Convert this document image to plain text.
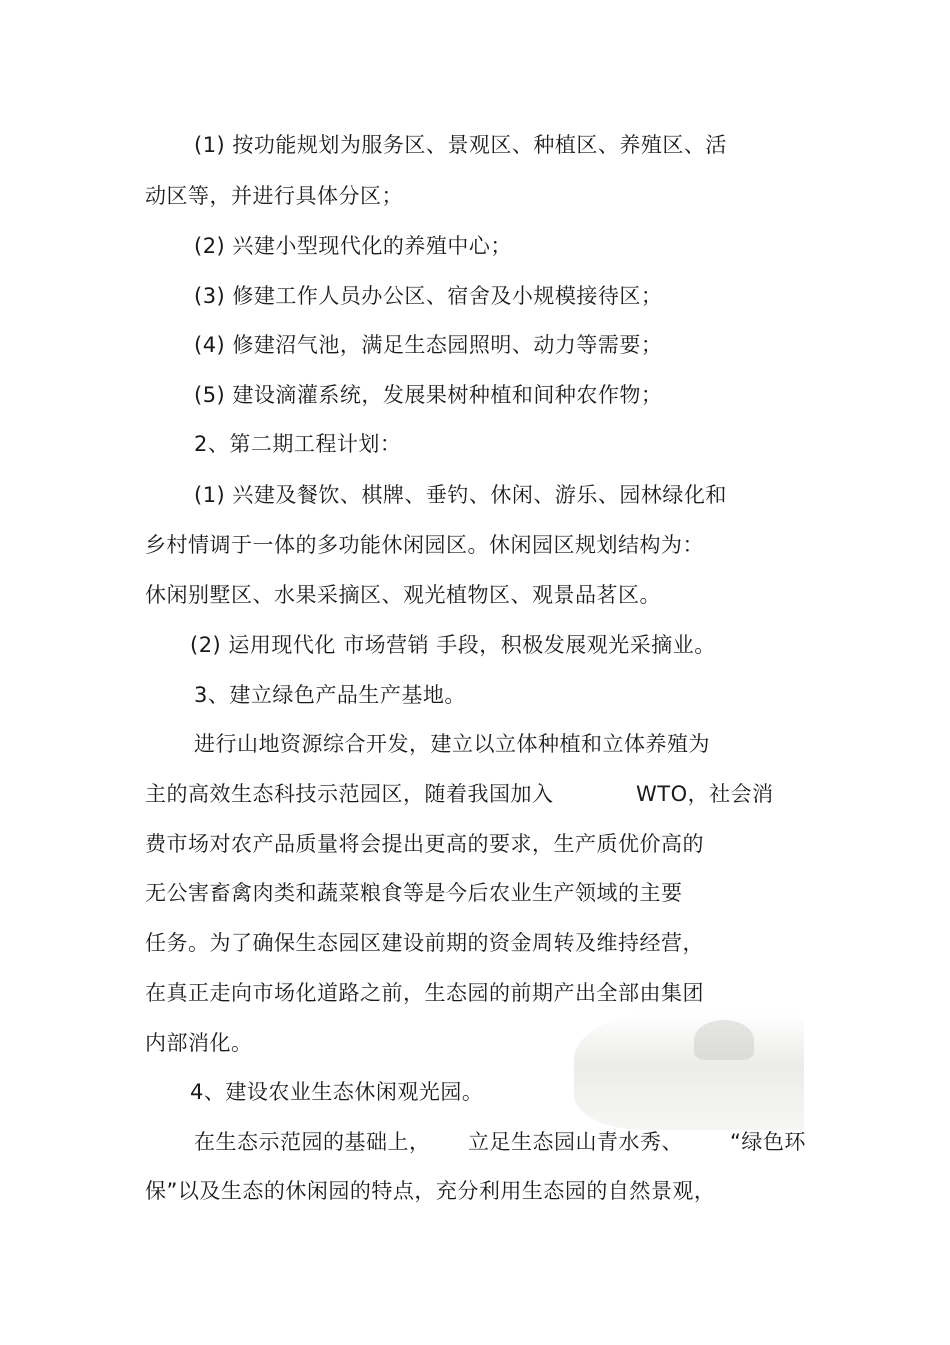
(1) 按功能规划为服务区、景观区、种植区、养殖区、活
动区等，并进行具体分区；
(2) 兴建小型现代化的养殖中心；
(3) 修建工作人员办公区、宿舍及小规模接待区；
(4) 修建沼气池，满足生态园照明、动力等需要；
(5) 建设滴灌系统，发展果树种植和间种农作物；
2、第二期工程计划：
(1) 兴建及餐饮、棋牌、垂钓、休闲、游乐、园林绿化和
乡村情调于一体的多功能休闲园区。休闲园区规划结构为：
休闲别墅区、水果采摘区、观光植物区、观景品茗区。
(2) 运用现代化 市场营销 手段，积极发展观光采摘业。
3、建立绿色产品生产基地。
进行山地资源综合开发，建立以立体种植和立体养殖为
主的高效生态科技示范园区，随着我国加入	WTO，社会消
费市场对农产品质量将会提出更高的要求，生产质优价高的
无公害畜禽肉类和蔬菜粮食等是今后农业生产领域的主要
任务。为了确保生态园区建设前期的资金周转及维持经营，
在真正走向市场化道路之前，生态园的前期产出全部由集团
内部消化。
4、建设农业生态休闲观光园。
在生态示范园的基础上， 立足生态园山青水秀、 “绿色环
保”以及生态的休闲园的特点，充分利用生态园的自然景观，
